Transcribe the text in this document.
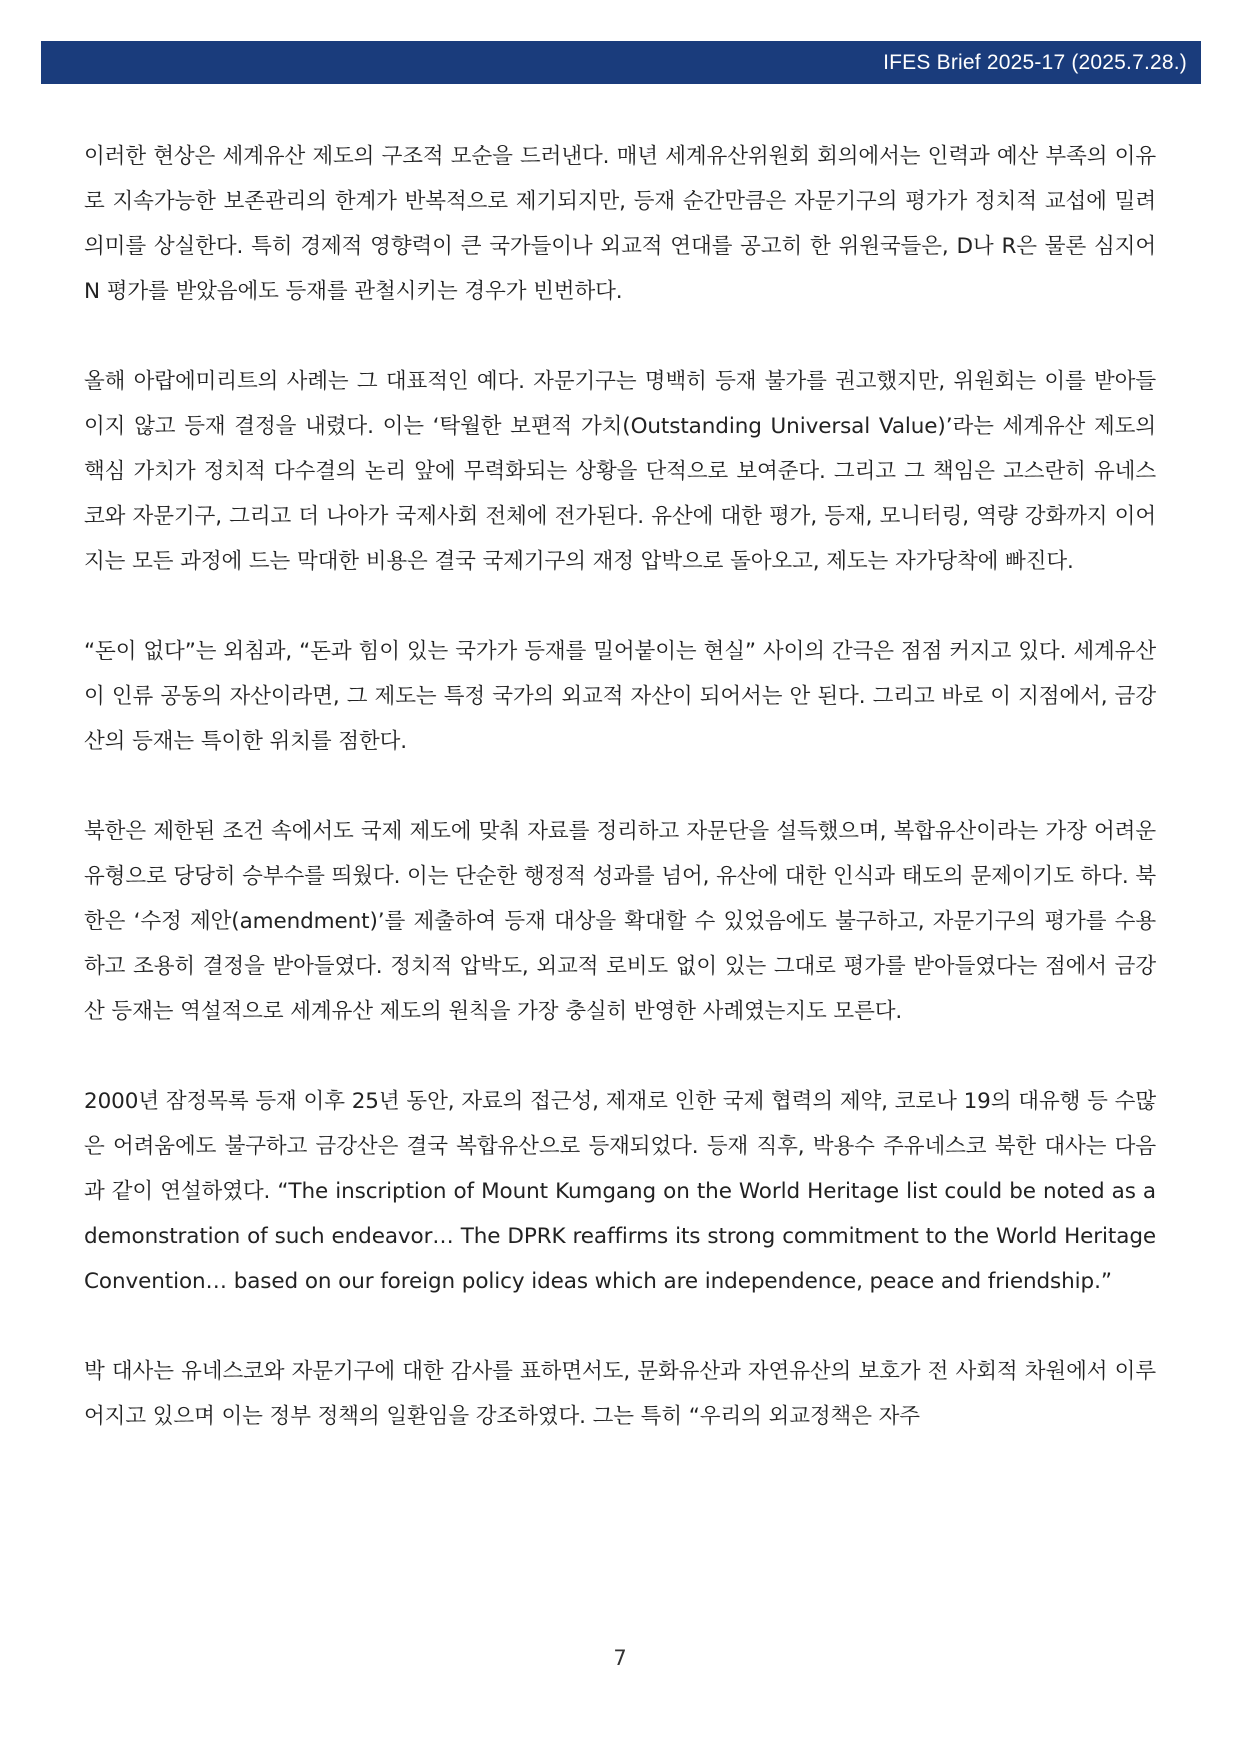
IFES Brief 2025-17 (2025.7.28.)

이러한 현상은 세계유산 제도의 구조적 모순을 드러낸다. 매년 세계유산위원회 회의에서는 인력과 예산 부족의 이유로 지속가능한 보존관리의 한계가 반복적으로 제기되지만, 등재 순간만큼은 자문기구의 평가가 정치적 교섭에 밀려 의미를 상실한다. 특히 경제적 영향력이 큰 국가들이나 외교적 연대를 공고히 한 위원국들은, D나 R은 물론 심지어 N 평가를 받았음에도 등재를 관철시키는 경우가 빈번하다.

올해 아랍에미리트의 사례는 그 대표적인 예다. 자문기구는 명백히 등재 불가를 권고했지만, 위원회는 이를 받아들이지 않고 등재 결정을 내렸다. 이는 ‘탁월한 보편적 가치(Outstanding Universal Value)’라는 세계유산 제도의 핵심 가치가 정치적 다수결의 논리 앞에 무력화되는 상황을 단적으로 보여준다. 그리고 그 책임은 고스란히 유네스코와 자문기구, 그리고 더 나아가 국제사회 전체에 전가된다. 유산에 대한 평가, 등재, 모니터링, 역량 강화까지 이어지는 모든 과정에 드는 막대한 비용은 결국 국제기구의 재정 압박으로 돌아오고, 제도는 자가당착에 빠진다.

“돈이 없다”는 외침과, “돈과 힘이 있는 국가가 등재를 밀어붙이는 현실” 사이의 간극은 점점 커지고 있다. 세계유산이 인류 공동의 자산이라면, 그 제도는 특정 국가의 외교적 자산이 되어서는 안 된다. 그리고 바로 이 지점에서, 금강산의 등재는 특이한 위치를 점한다.

북한은 제한된 조건 속에서도 국제 제도에 맞춰 자료를 정리하고 자문단을 설득했으며, 복합유산이라는 가장 어려운 유형으로 당당히 승부수를 띄웠다. 이는 단순한 행정적 성과를 넘어, 유산에 대한 인식과 태도의 문제이기도 하다. 북한은 ‘수정 제안(amendment)’를 제출하여 등재 대상을 확대할 수 있었음에도 불구하고, 자문기구의 평가를 수용하고 조용히 결정을 받아들였다. 정치적 압박도, 외교적 로비도 없이 있는 그대로 평가를 받아들였다는 점에서 금강산 등재는 역설적으로 세계유산 제도의 원칙을 가장 충실히 반영한 사례였는지도 모른다.

2000년 잠정목록 등재 이후 25년 동안, 자료의 접근성, 제재로 인한 국제 협력의 제약, 코로나 19의 대유행 등 수많은 어려움에도 불구하고 금강산은 결국 복합유산으로 등재되었다. 등재 직후, 박용수 주유네스코 북한 대사는 다음과 같이 연설하였다. “The inscription of Mount Kumgang on the World Heritage list could be noted as a demonstration of such endeavor… The DPRK reaffirms its strong commitment to the World Heritage Convention… based on our foreign policy ideas which are independence, peace and friendship.”

박 대사는 유네스코와 자문기구에 대한 감사를 표하면서도, 문화유산과 자연유산의 보호가 전 사회적 차원에서 이루어지고 있으며 이는 정부 정책의 일환임을 강조하였다. 그는 특히 “우리의 외교정책은 자주

7
